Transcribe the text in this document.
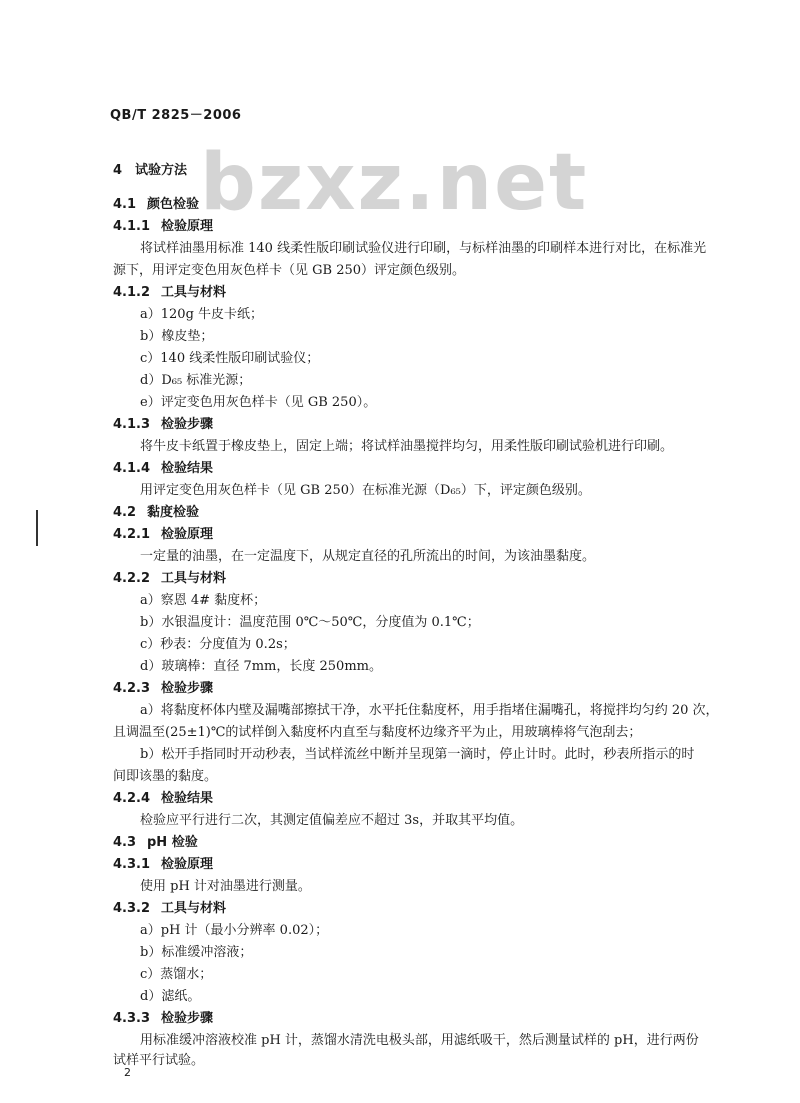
QB/T 2825－2006
bzxz.net
4 试验方法
4.1 颜色检验
4.1.1 检验原理
将试样油墨用标准 140 线柔性版印刷试验仪进行印刷，与标样油墨的印刷样本进行对比，在标准光
源下，用评定变色用灰色样卡（见 GB 250）评定颜色级别。
4.1.2 工具与材料
a）120g 牛皮卡纸；
b）橡皮垫；
c）140 线柔性版印刷试验仪；
d）D₆₅ 标准光源；
e）评定变色用灰色样卡（见 GB 250）。
4.1.3 检验步骤
将牛皮卡纸置于橡皮垫上，固定上端；将试样油墨搅拌均匀，用柔性版印刷试验机进行印刷。
4.1.4 检验结果
用评定变色用灰色样卡（见 GB 250）在标准光源（D₆₅）下，评定颜色级别。
4.2 黏度检验
4.2.1 检验原理
一定量的油墨，在一定温度下，从规定直径的孔所流出的时间，为该油墨黏度。
4.2.2 工具与材料
a）察恩 4# 黏度杯；
b）水银温度计：温度范围 0℃～50℃，分度值为 0.1℃；
c）秒表：分度值为 0.2s；
d）玻璃棒：直径 7mm，长度 250mm。
4.2.3 检验步骤
a）将黏度杯体内壁及漏嘴部擦拭干净，水平托住黏度杯，用手指堵住漏嘴孔，将搅拌均匀约 20 次，
且调温至(25±1)℃的试样倒入黏度杯内直至与黏度杯边缘齐平为止，用玻璃棒将气泡刮去；
b）松开手指同时开动秒表，当试样流丝中断并呈现第一滴时，停止计时。此时，秒表所指示的时
间即该墨的黏度。
4.2.4 检验结果
检验应平行进行二次，其测定值偏差应不超过 3s，并取其平均值。
4.3 pH 检验
4.3.1 检验原理
使用 pH 计对油墨进行测量。
4.3.2 工具与材料
a）pH 计（最小分辨率 0.02）；
b）标准缓冲溶液；
c）蒸馏水；
d）滤纸。
4.3.3 检验步骤
用标准缓冲溶液校准 pH 计，蒸馏水清洗电极头部，用滤纸吸干，然后测量试样的 pH，进行两份
试样平行试验。
2
